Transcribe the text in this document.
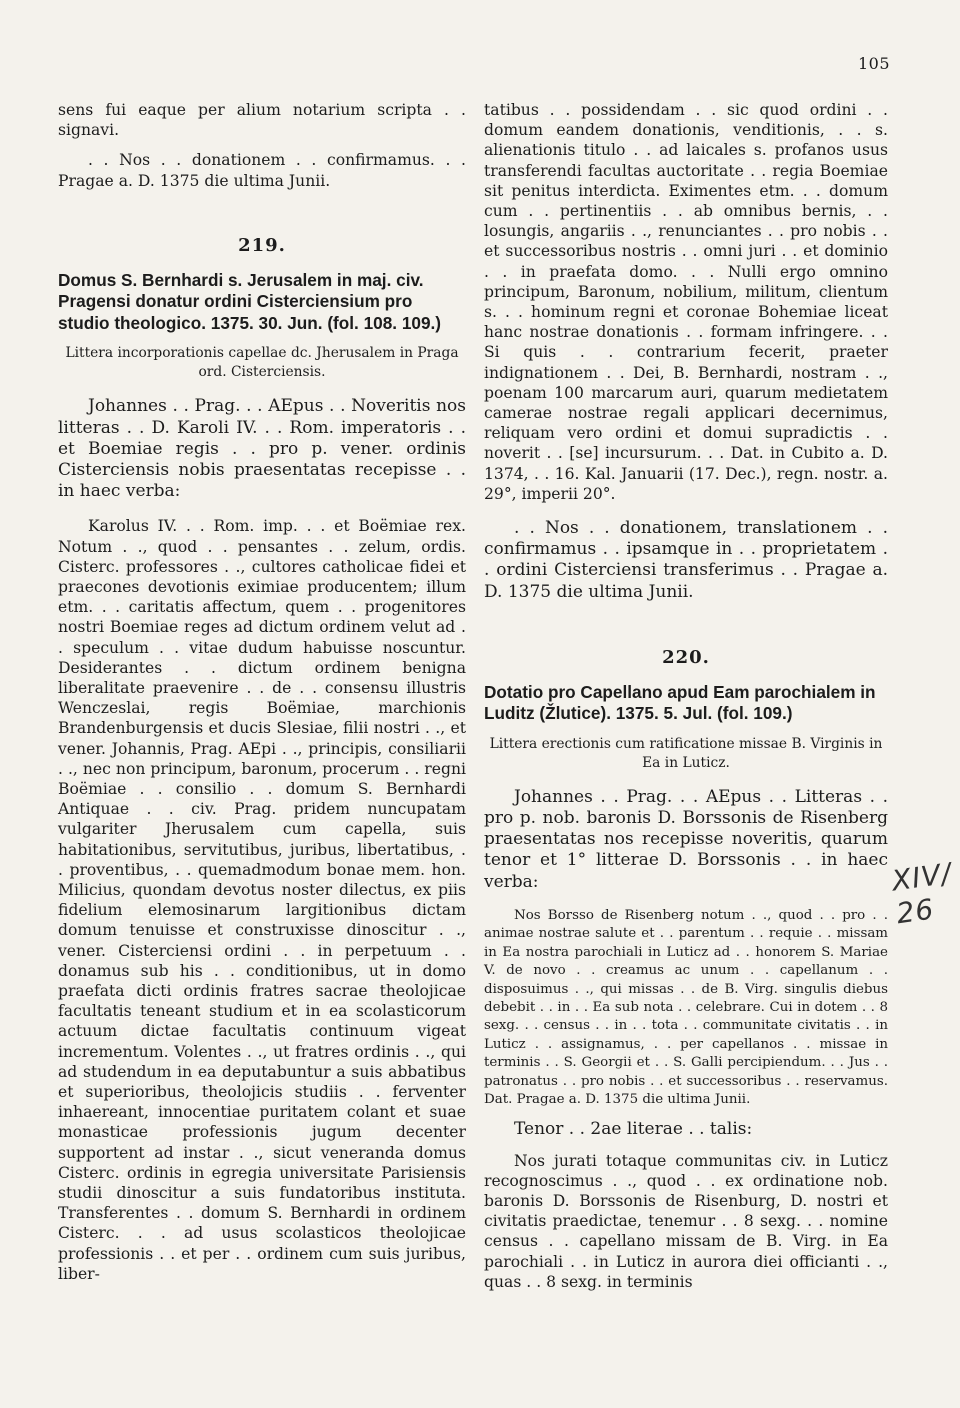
105

sens fui eaque per alium notarium scripta . . signavi.

. . Nos . . donationem . . confirmamus. . . Pragae a. D. 1375 die ultima Junii.

219.

Domus S. Bernhardi s. Jerusalem in maj. civ. Pragensi donatur ordini Cisterciensium pro studio theologico. 1375. 30. Jun. (fol. 108. 109.)

Littera incorporationis capellae dc. Jherusalem in Praga ord. Cisterciensis.

Johannes . . Prag. . . AEpus . . Noveritis nos litteras . . D. Karoli IV. . . Rom. imperatoris . . et Boemiae regis . . pro p. vener. ordinis Cisterciensis nobis praesentatas recepisse . . in haec verba:

Karolus IV. . . Rom. imp. . . et Boëmiae rex. Notum . ., quod . . pensantes . . zelum, ordis. Cisterc. professores . ., cultores catholicae fidei et praecones devotionis eximiae producentem; illum etm. . . caritatis affectum, quem . . progenitores nostri Boemiae reges ad dictum ordinem velut ad . . speculum . . vitae dudum habuisse noscuntur. Desiderantes . . dictum ordinem benigna liberalitate praevenire . . de . . consensu illustris Wenczeslai, regis Boëmiae, marchionis Brandenburgensis et ducis Slesiae, filii nostri . ., et vener. Johannis, Prag. AEpi . ., principis, consiliarii . ., nec non principum, baronum, procerum . . regni Boëmiae . . consilio . . domum S. Bernhardi Antiquae . . civ. Prag. pridem nuncupatam vulgariter Jherusalem cum capella, suis habitationibus, servitutibus, juribus, libertatibus, . . proventibus, . . quemadmodum bonae mem. hon. Milicius, quondam devotus noster dilectus, ex piis fidelium elemosinarum largitionibus dictam domum tenuisse et construxisse dinoscitur . ., vener. Cisterciensi ordini . . in perpetuum . . donamus sub his . . conditionibus, ut in domo praefata dicti ordinis fratres sacrae theolojicae facultatis teneant studium et in ea scolasticorum actuum dictae facultatis continuum vigeat incrementum. Volentes . ., ut fratres ordinis . ., qui ad studendum in ea deputabuntur a suis abbatibus et superioribus, theolojicis studiis . . ferventer inhaereant, innocentiae puritatem colant et suae monasticae professionis jugum decenter supportent ad instar . ., sicut veneranda domus Cisterc. ordinis in egregia universitate Parisiensis studii dinoscitur a suis fundatoribus instituta. Transferentes . . domum S. Bernhardi in ordinem Cisterc. . . ad usus scolasticos theolojicae professionis . . et per . . ordinem cum suis juribus, liber-

tatibus . . possidendam . . sic quod ordini . . domum eandem donationis, venditionis, . . s. alienationis titulo . . ad laicales s. profanos usus transferendi facultas auctoritate . . regia Boemiae sit penitus interdicta. Eximentes etm. . . domum cum . . pertinentiis . . ab omnibus bernis, . . losungis, angariis . ., renunciantes . . pro nobis . . et successoribus nostris . . omni juri . . et dominio . . in praefata domo. . . Nulli ergo omnino principum, Baronum, nobilium, militum, clientum s. . . hominum regni et coronae Bohemiae liceat hanc nostrae donationis . . formam infringere. . . Si quis . . contrarium fecerit, praeter indignationem . . Dei, B. Bernhardi, nostram . ., poenam 100 marcarum auri, quarum medietatem camerae nostrae regali applicari decernimus, reliquam vero ordini et domui supradictis . . noverit . . [se] incursurum. . . Dat. in Cubito a. D. 1374, . . 16. Kal. Januarii (17. Dec.), regn. nostr. a. 29°, imperii 20°.

. . Nos . . donationem, translationem . . confirmamus . . ipsamque in . . proprietatem . . ordini Cisterciensi transferimus . . Pragae a. D. 1375 die ultima Junii.

220.

Dotatio pro Capellano apud Eam parochialem in Luditz (Žlutice). 1375. 5. Jul. (fol. 109.)

Littera erectionis cum ratificatione missae B. Virginis in Ea in Luticz.

Johannes . . Prag. . . AEpus . . Litteras . . pro p. nob. baronis D. Borssonis de Risenberg praesentatas nos recepisse noveritis, quarum tenor et 1° litterae D. Borssonis . . in haec verba:

Nos Borsso de Risenberg notum . ., quod . . pro . . animae nostrae salute et . . parentum . . requie . . missam in Ea nostra parochiali in Luticz ad . . honorem S. Mariae V. de novo . . creamus ac unum . . capellanum . . disposuimus . ., qui missas . . de B. Virg. singulis diebus debebit . . in . . Ea sub nota . . celebrare. Cui in dotem . . 8 sexg. . . census . . in . . tota . . communitate civitatis . . in Luticz . . assignamus, . . per capellanos . . missae in terminis . . S. Georgii et . . S. Galli percipiendum. . . Jus . . patronatus . . pro nobis . . et successoribus . . reservamus. Dat. Pragae a. D. 1375 die ultima Junii.

Tenor . . 2ae literae . . talis:

Nos jurati totaque communitas civ. in Luticz recognoscimus . ., quod . . ex ordinatione nob. baronis D. Borssonis de Risenburg, D. nostri et civitatis praedictae, tenemur . . 8 sexg. . . nomine census . . capellano missam de B. Virg. in Ea parochiali . . in Luticz in aurora diei officianti . ., quas . . 8 sexg. in terminis

XIV/ 26
